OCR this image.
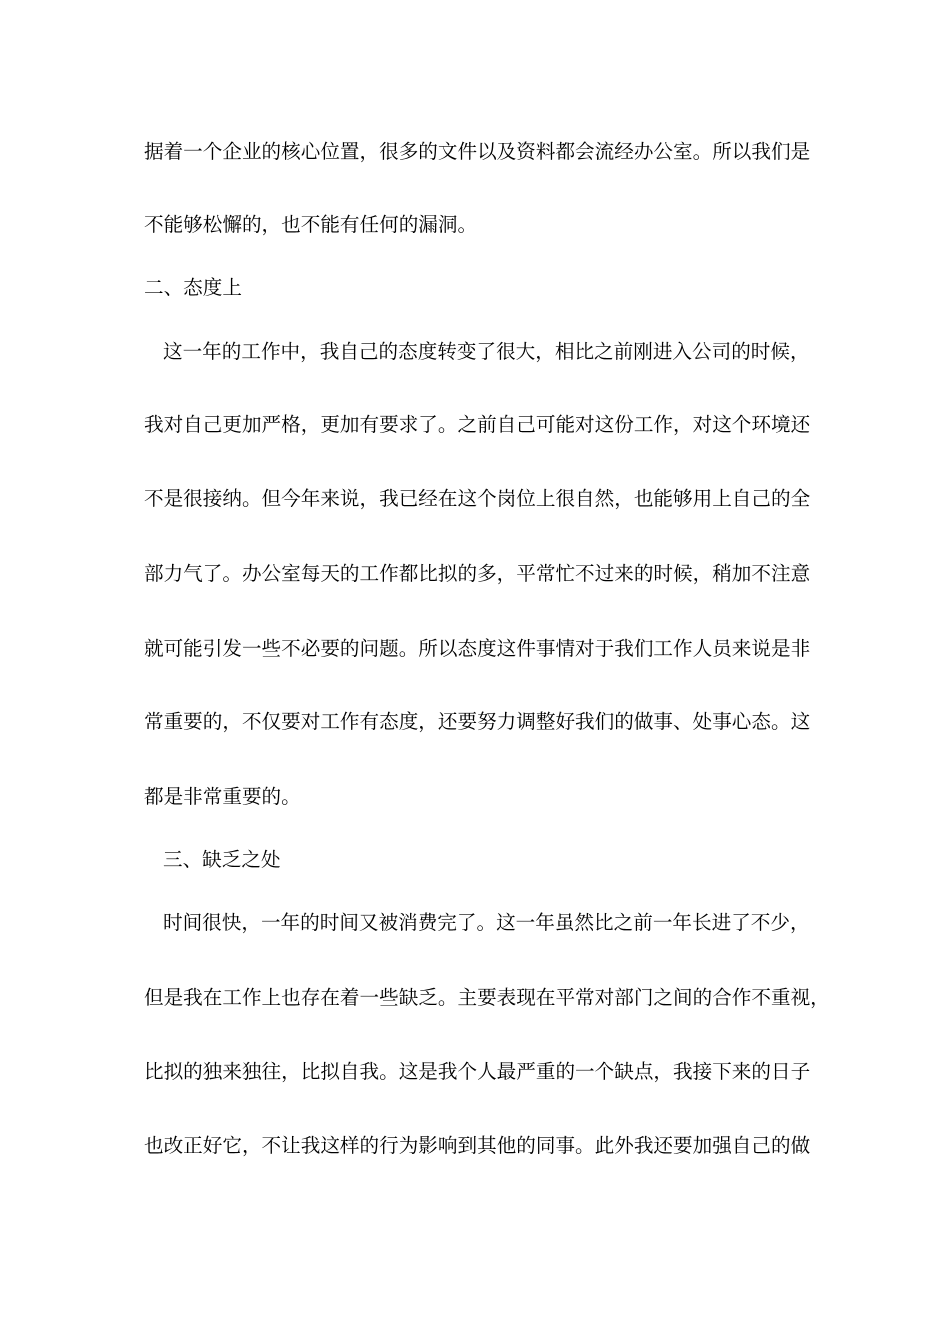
据着一个企业的核心位置，很多的文件以及资料都会流经办公室。所以我们是
不能够松懈的，也不能有任何的漏洞。
二、态度上
这一年的工作中，我自己的态度转变了很大，相比之前刚进入公司的时候，
我对自己更加严格，更加有要求了。之前自己可能对这份工作，对这个环境还
不是很接纳。但今年来说，我已经在这个岗位上很自然，也能够用上自己的全
部力气了。办公室每天的工作都比拟的多，平常忙不过来的时候，稍加不注意
就可能引发一些不必要的问题。所以态度这件事情对于我们工作人员来说是非
常重要的，不仅要对工作有态度，还要努力调整好我们的做事、处事心态。这
都是非常重要的。
三、缺乏之处
时间很快，一年的时间又被消费完了。这一年虽然比之前一年长进了不少，
但是我在工作上也存在着一些缺乏。主要表现在平常对部门之间的合作不重视，
比拟的独来独往，比拟自我。这是我个人最严重的一个缺点，我接下来的日子
也改正好它，不让我这样的行为影响到其他的同事。此外我还要加强自己的做
